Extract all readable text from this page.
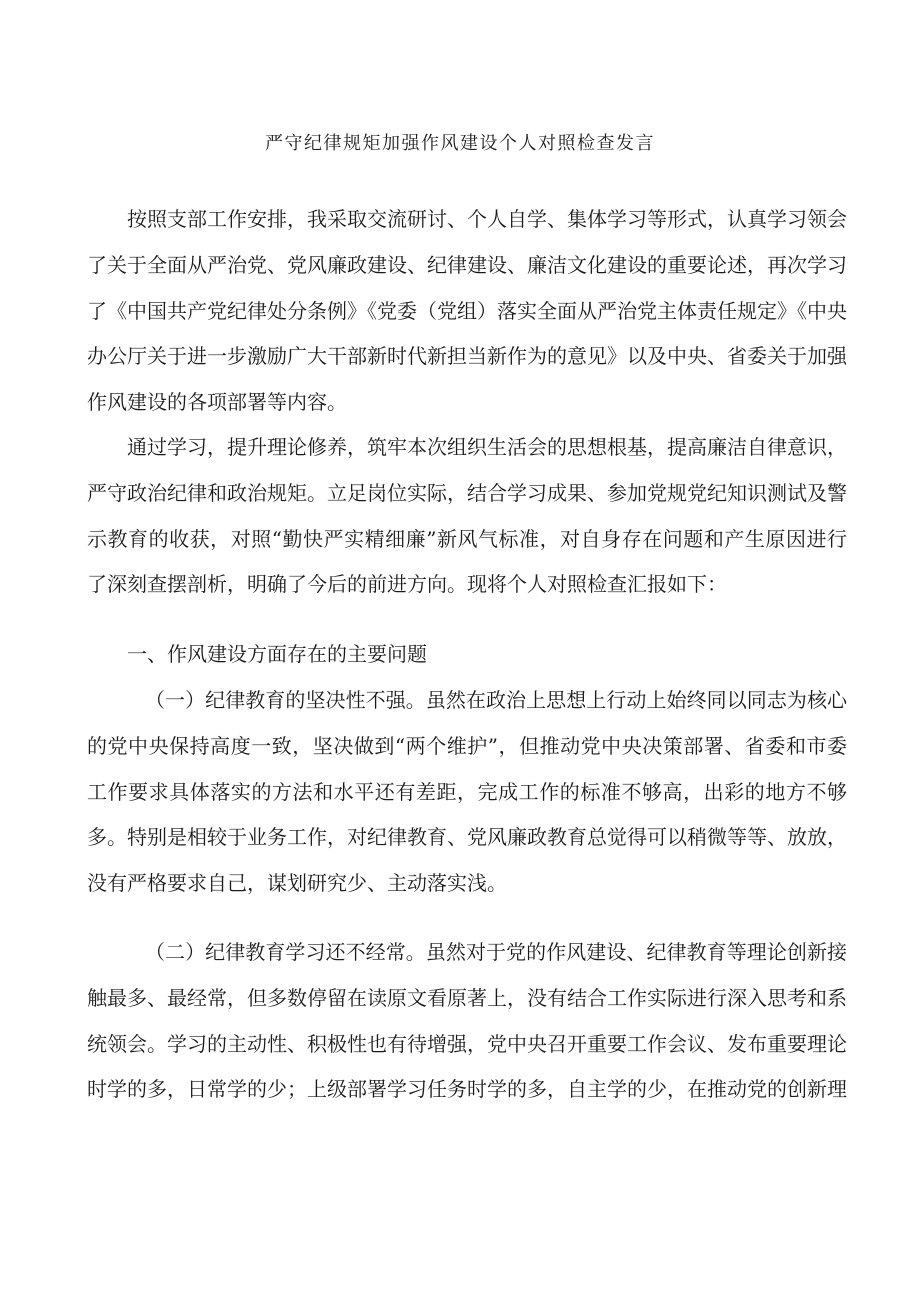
严守纪律规矩加强作风建设个人对照检查发言

按照支部工作安排，我采取交流研讨、个人自学、集体学习等形式，认真学习领会了关于全面从严治党、党风廉政建设、纪律建设、廉洁文化建设的重要论述，再次学习了《中国共产党纪律处分条例》《党委（党组）落实全面从严治党主体责任规定》《中央办公厅关于进一步激励广大干部新时代新担当新作为的意见》以及中央、省委关于加强作风建设的各项部署等内容。

通过学习，提升理论修养，筑牢本次组织生活会的思想根基，提高廉洁自律意识，严守政治纪律和政治规矩。立足岗位实际，结合学习成果、参加党规党纪知识测试及警示教育的收获，对照“勤快严实精细廉”新风气标准，对自身存在问题和产生原因进行了深刻查摆剖析，明确了今后的前进方向。现将个人对照检查汇报如下：

一、作风建设方面存在的主要问题

（一）纪律教育的坚决性不强。虽然在政治上思想上行动上始终同以同志为核心的党中央保持高度一致，坚决做到“两个维护”，但推动党中央决策部署、省委和市委工作要求具体落实的方法和水平还有差距，完成工作的标准不够高，出彩的地方不够多。特别是相较于业务工作，对纪律教育、党风廉政教育总觉得可以稍微等等、放放，没有严格要求自己，谋划研究少、主动落实浅。

（二）纪律教育学习还不经常。虽然对于党的作风建设、纪律教育等理论创新接触最多、最经常，但多数停留在读原文看原著上，没有结合工作实际进行深入思考和系统领会。学习的主动性、积极性也有待增强，党中央召开重要工作会议、发布重要理论时学的多，日常学的少；上级部署学习任务时学的多，自主学的少，在推动党的创新理
